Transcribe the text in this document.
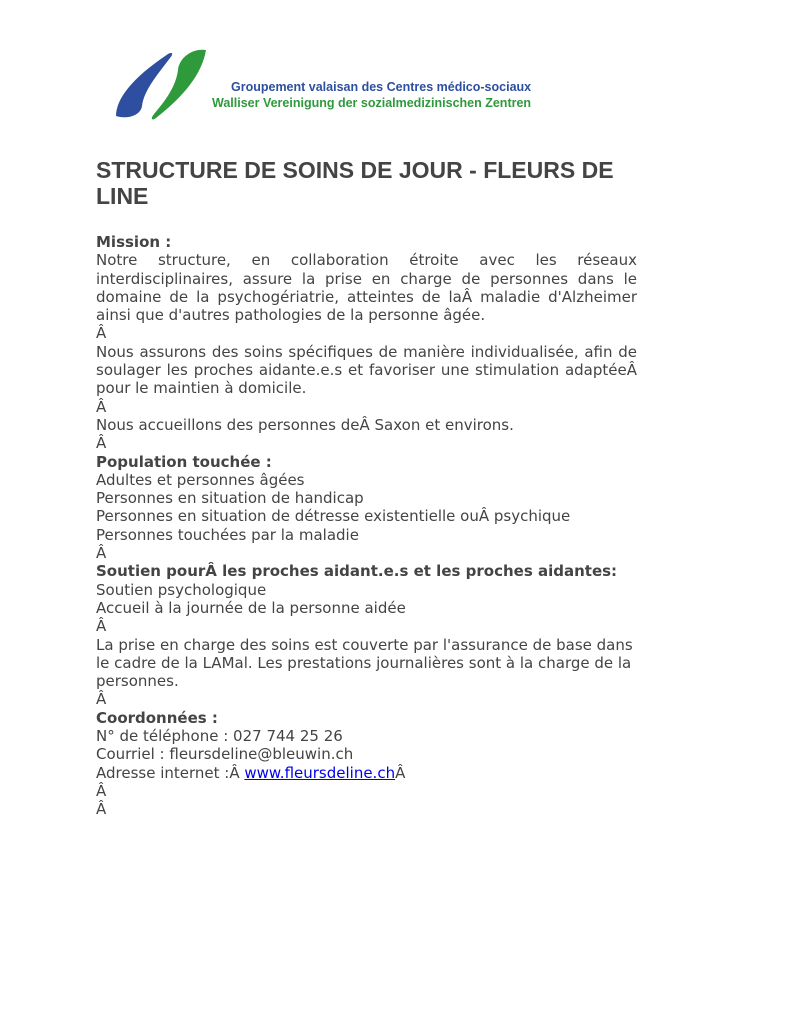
Groupement valaisan des Centres médico-sociaux
Walliser Vereinigung der sozialmedizinischen Zentren
STRUCTURE DE SOINS DE JOUR - FLEURS DE LINE

Mission :

Notre structure, en collaboration étroite avec les réseaux interdisciplinaires, assure la prise en charge de personnes dans le domaine de la psychogériatrie, atteintes de laÂ maladie d'Alzheimer ainsi que d'autres pathologies de la personne âgée.

Â

Nous assurons des soins spécifiques de manière individualisée, afin de soulager les proches aidante.e.s et favoriser une stimulation adaptéeÂ pour le maintien à domicile.

Â

Nous accueillons des personnes deÂ Saxon et environs.

Â

Population touchée :

Adultes et personnes âgées

Personnes en situation de handicap

Personnes en situation de détresse existentielle ouÂ psychique

Personnes touchées par la maladie

Â

Soutien pourÂ les proches aidant.e.s et les proches aidantes:

Soutien psychologique

Accueil à la journée de la personne aidée

Â

La prise en charge des soins est couverte par l'assurance de base dans le cadre de la LAMal. Les prestations journalières sont à la charge de la personnes.

Â

Coordonnées :

N° de téléphone : 027 744 25 26

Courriel : fleursdeline@bleuwin.ch

Adresse internet :Â www.fleursdeline.chÂ

Â

Â
